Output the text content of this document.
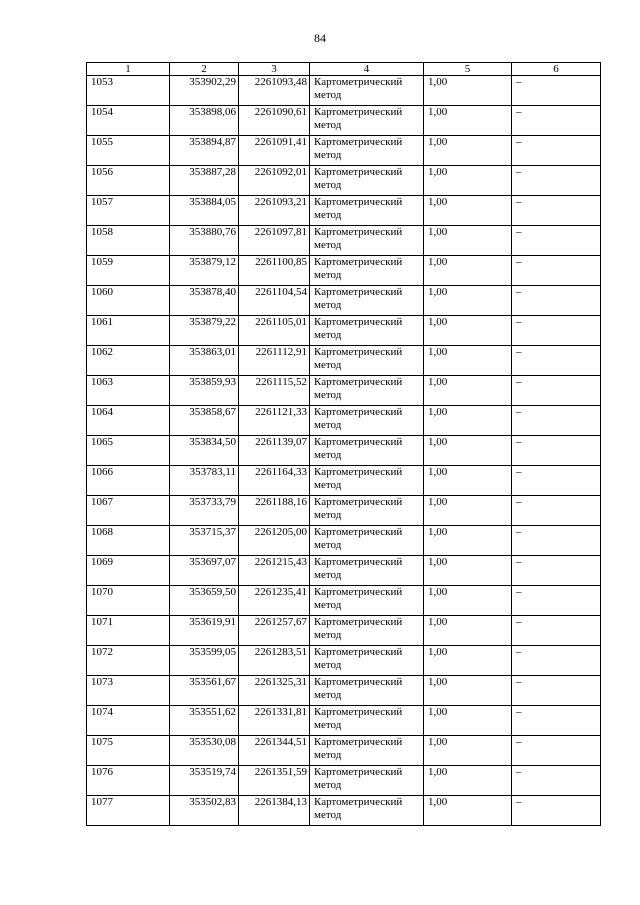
84
1	2	3	4	5	6
1053	353902,29	2261093,48	Картометрический метод	1,00	–
1054	353898,06	2261090,61	Картометрический метод	1,00	–
1055	353894,87	2261091,41	Картометрический метод	1,00	–
1056	353887,28	2261092,01	Картометрический метод	1,00	–
1057	353884,05	2261093,21	Картометрический метод	1,00	–
1058	353880,76	2261097,81	Картометрический метод	1,00	–
1059	353879,12	2261100,85	Картометрический метод	1,00	–
1060	353878,40	2261104,54	Картометрический метод	1,00	–
1061	353879,22	2261105,01	Картометрический метод	1,00	–
1062	353863,01	2261112,91	Картометрический метод	1,00	–
1063	353859,93	2261115,52	Картометрический метод	1,00	–
1064	353858,67	2261121,33	Картометрический метод	1,00	–
1065	353834,50	2261139,07	Картометрический метод	1,00	–
1066	353783,11	2261164,33	Картометрический метод	1,00	–
1067	353733,79	2261188,16	Картометрический метод	1,00	–
1068	353715,37	2261205,00	Картометрический метод	1,00	–
1069	353697,07	2261215,43	Картометрический метод	1,00	–
1070	353659,50	2261235,41	Картометрический метод	1,00	–
1071	353619,91	2261257,67	Картометрический метод	1,00	–
1072	353599,05	2261283,51	Картометрический метод	1,00	–
1073	353561,67	2261325,31	Картометрический метод	1,00	–
1074	353551,62	2261331,81	Картометрический метод	1,00	–
1075	353530,08	2261344,51	Картометрический метод	1,00	–
1076	353519,74	2261351,59	Картометрический метод	1,00	–
1077	353502,83	2261384,13	Картометрический метод	1,00	–
